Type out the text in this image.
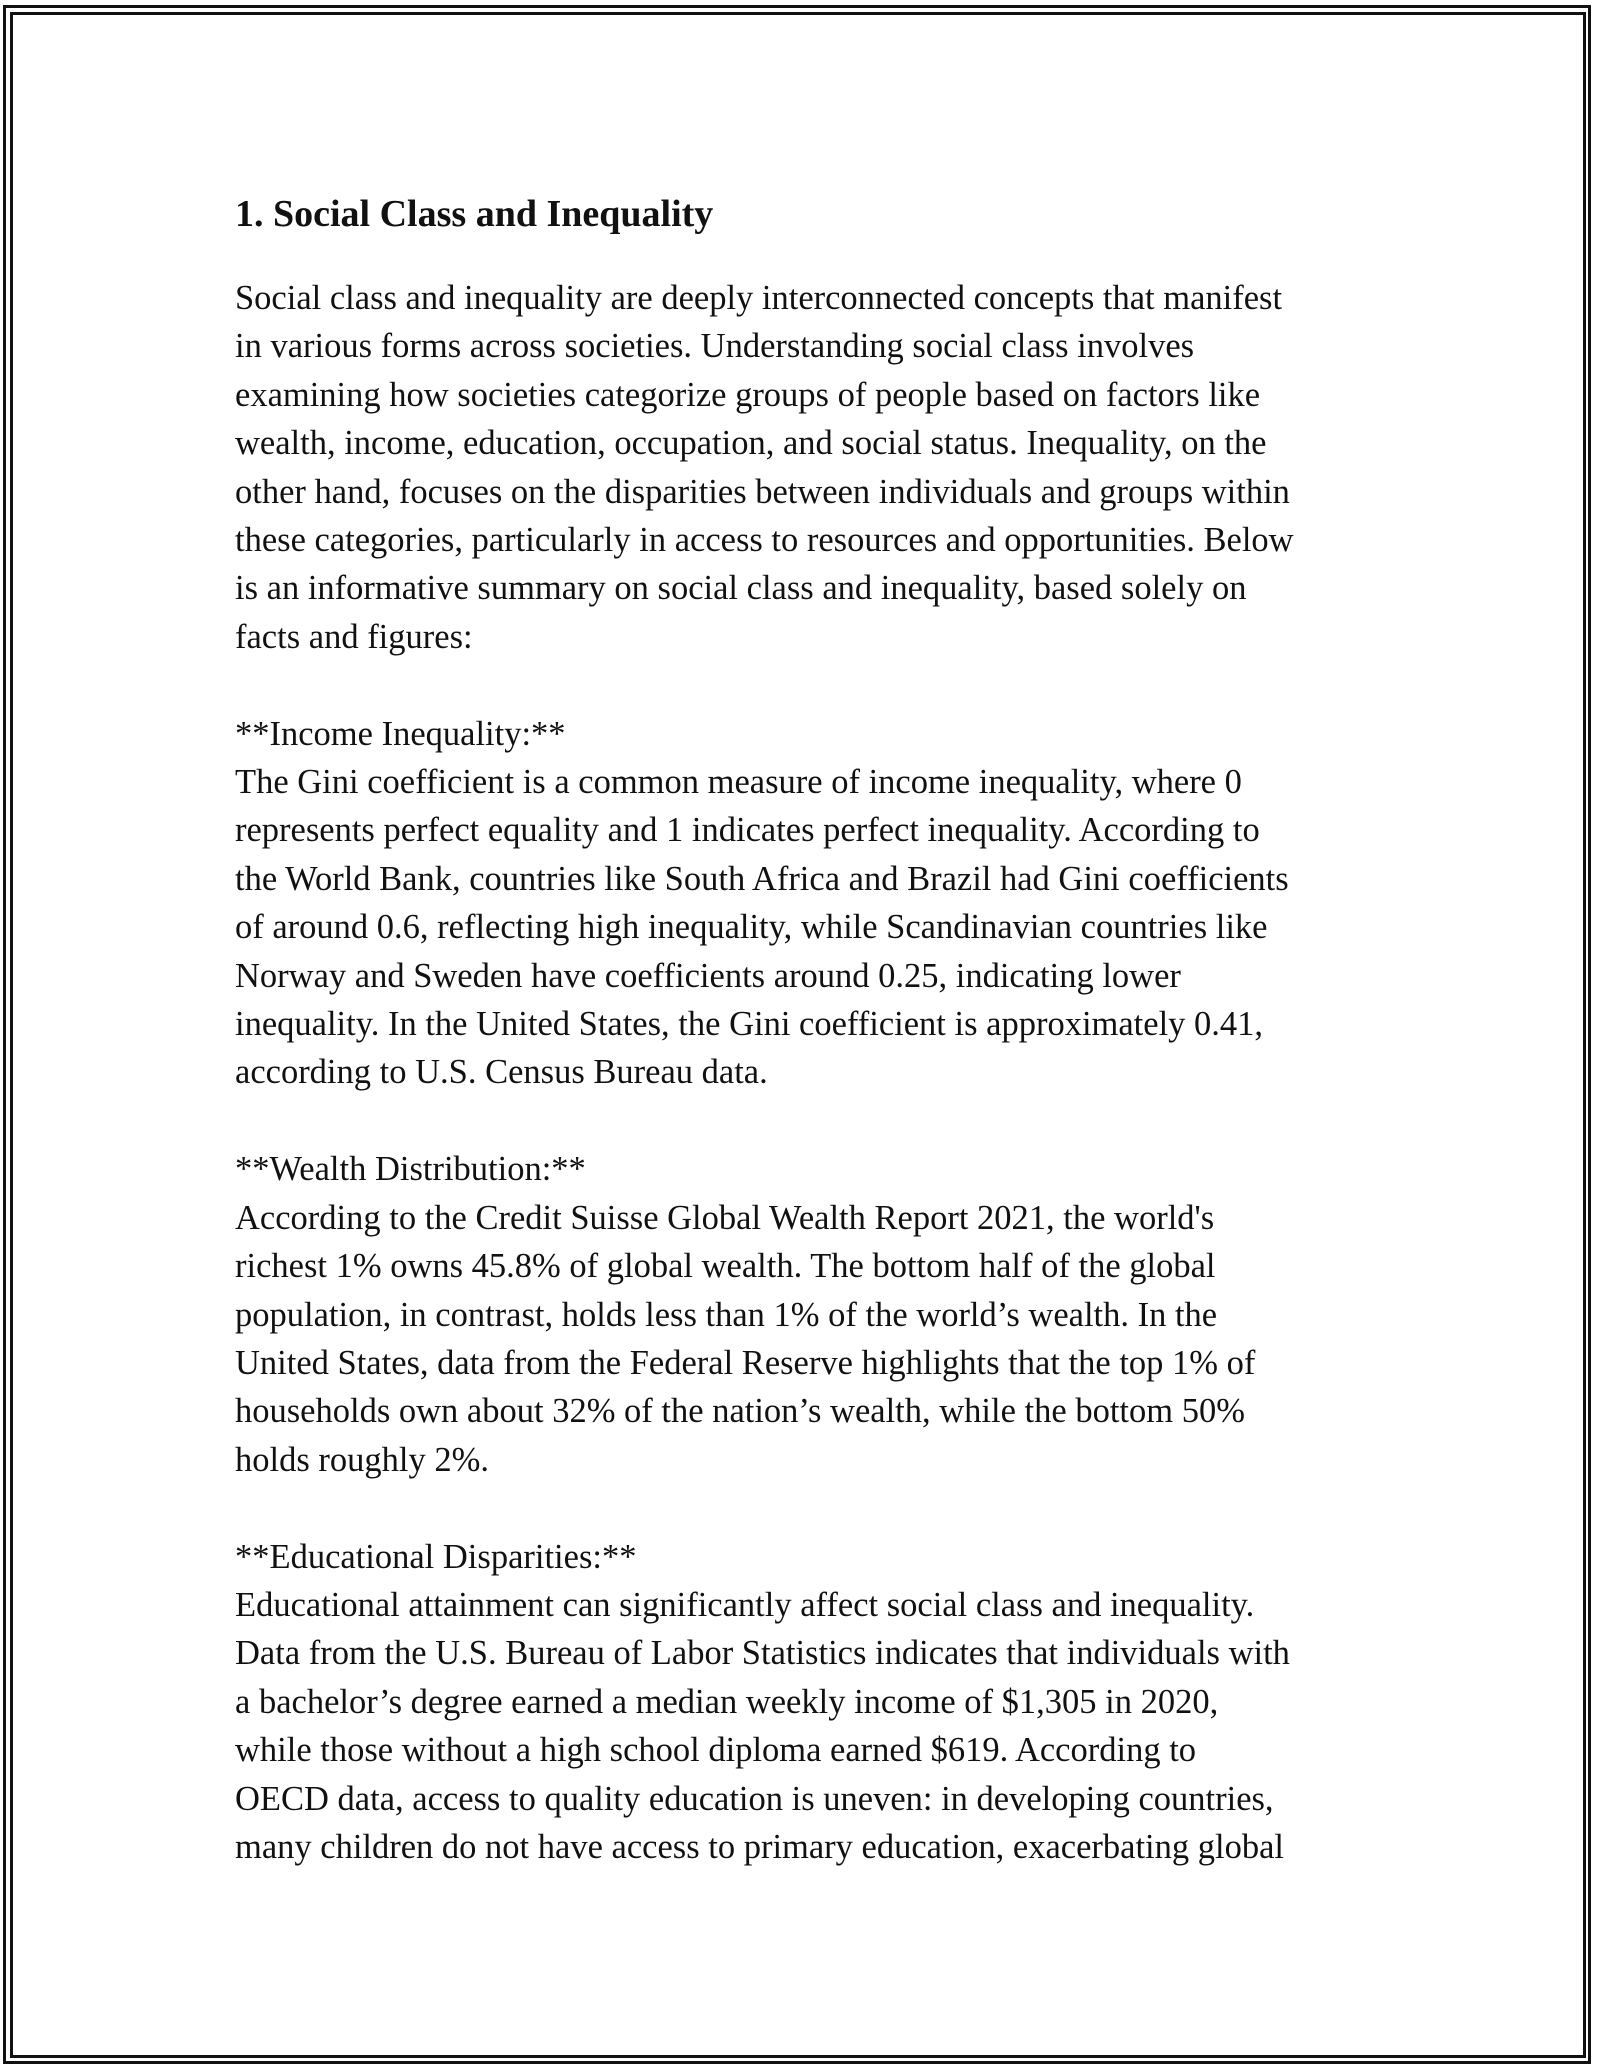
1. Social Class and Inequality

Social class and inequality are deeply interconnected concepts that manifest
in various forms across societies. Understanding social class involves
examining how societies categorize groups of people based on factors like
wealth, income, education, occupation, and social status. Inequality, on the
other hand, focuses on the disparities between individuals and groups within
these categories, particularly in access to resources and opportunities. Below
is an informative summary on social class and inequality, based solely on
facts and figures:

**Income Inequality:**

The Gini coefficient is a common measure of income inequality, where 0
represents perfect equality and 1 indicates perfect inequality. According to
the World Bank, countries like South Africa and Brazil had Gini coefficients
of around 0.6, reflecting high inequality, while Scandinavian countries like
Norway and Sweden have coefficients around 0.25, indicating lower
inequality. In the United States, the Gini coefficient is approximately 0.41,
according to U.S. Census Bureau data.

**Wealth Distribution:**

According to the Credit Suisse Global Wealth Report 2021, the world's
richest 1% owns 45.8% of global wealth. The bottom half of the global
population, in contrast, holds less than 1% of the world’s wealth. In the
United States, data from the Federal Reserve highlights that the top 1% of
households own about 32% of the nation’s wealth, while the bottom 50%
holds roughly 2%.

**Educational Disparities:**

Educational attainment can significantly affect social class and inequality.
Data from the U.S. Bureau of Labor Statistics indicates that individuals with
a bachelor’s degree earned a median weekly income of $1,305 in 2020,
while those without a high school diploma earned $619. According to
OECD data, access to quality education is uneven: in developing countries,
many children do not have access to primary education, exacerbating global
